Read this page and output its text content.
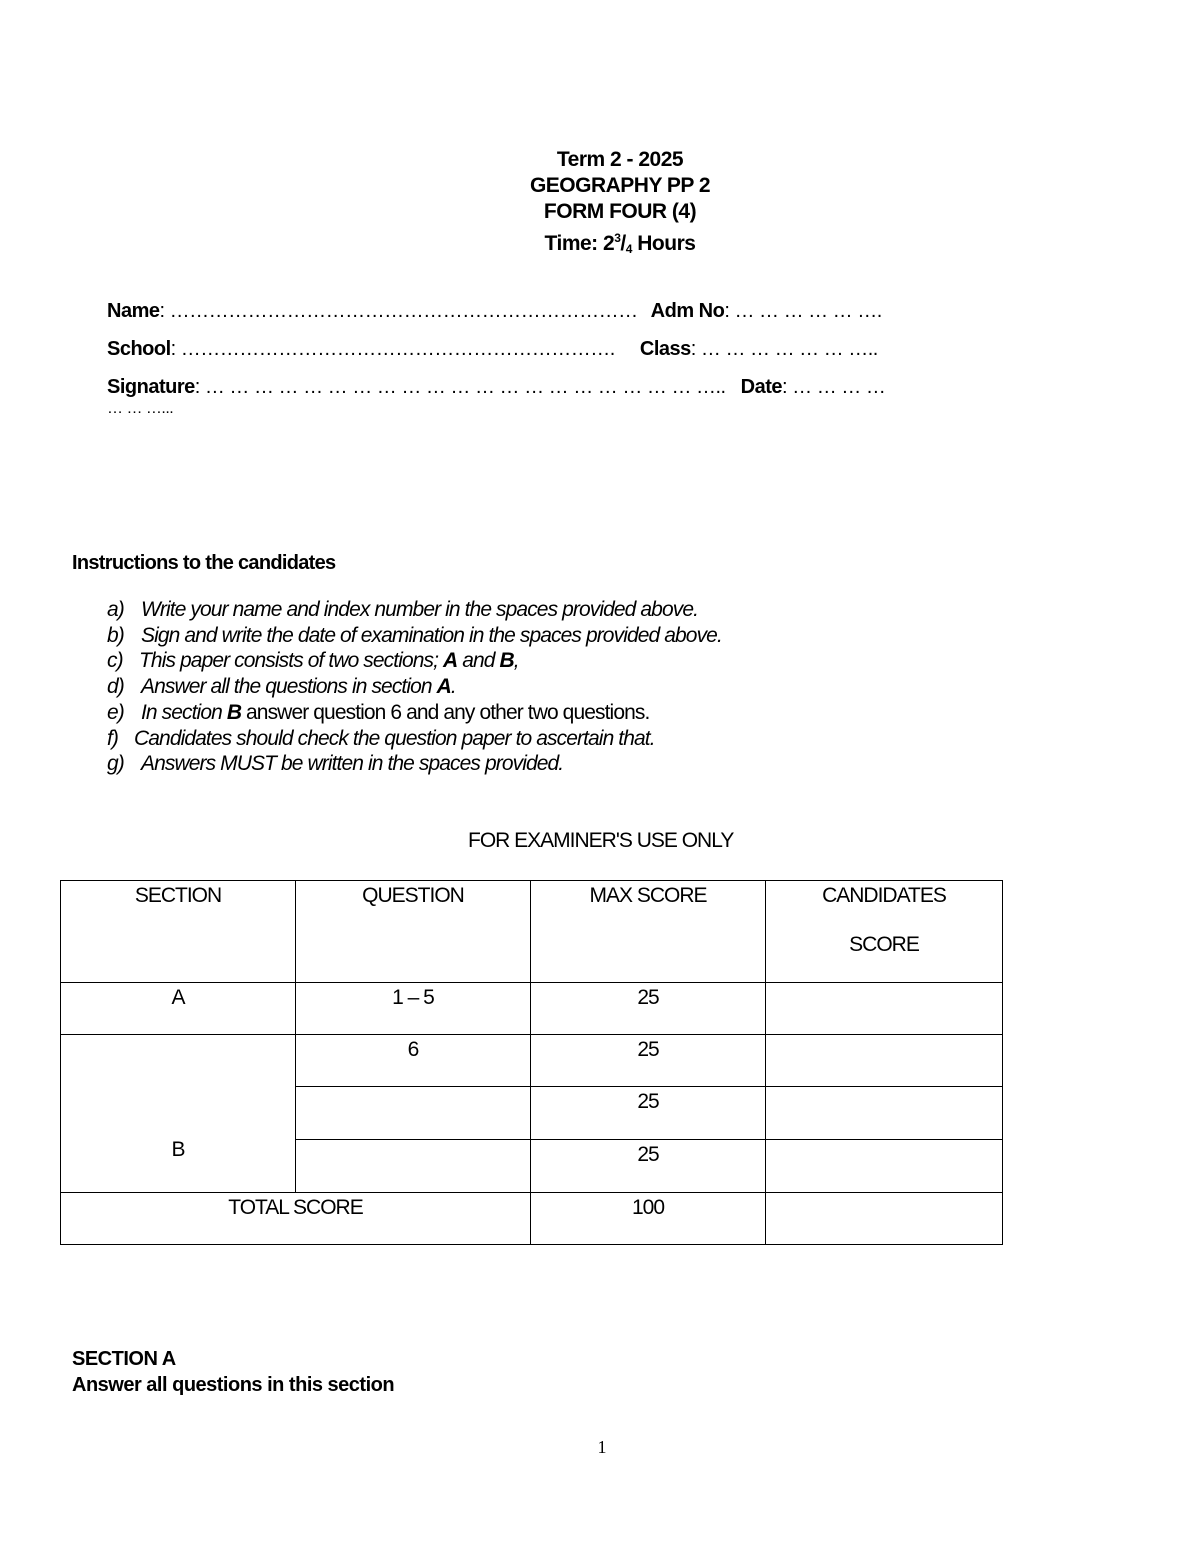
Term 2 - 2025
GEOGRAPHY PP 2
FORM FOUR (4)
Time: $2^3/_4$ Hours
Name: ……………………………………………………………… Adm No: … … … … … ….
School: …………………………………………………………. Class: … … … … … … …..
Signature: … … … … … … … … … … … … … … … … … … … … ….. Date: … … … …
… … …...
Instructions to the candidates
a) Write your name and index number in the spaces provided above.
b) Sign and write the date of examination in the spaces provided above.
c) This paper consists of two sections; A and B,
d) Answer all the questions in section A.
e) In section B answer question 6 and any other two questions.
f) Candidates should check the question paper to ascertain that.
g) Answers MUST be written in the spaces provided.
FOR EXAMINER'S USE ONLY
SECTION	QUESTION	MAX SCORE	CANDIDATES
SCORE

A	1 – 5	25	

B	6	25	

		25	

		25	

TOTAL SCORE		100	

SECTION A
Answer all questions in this section
1
